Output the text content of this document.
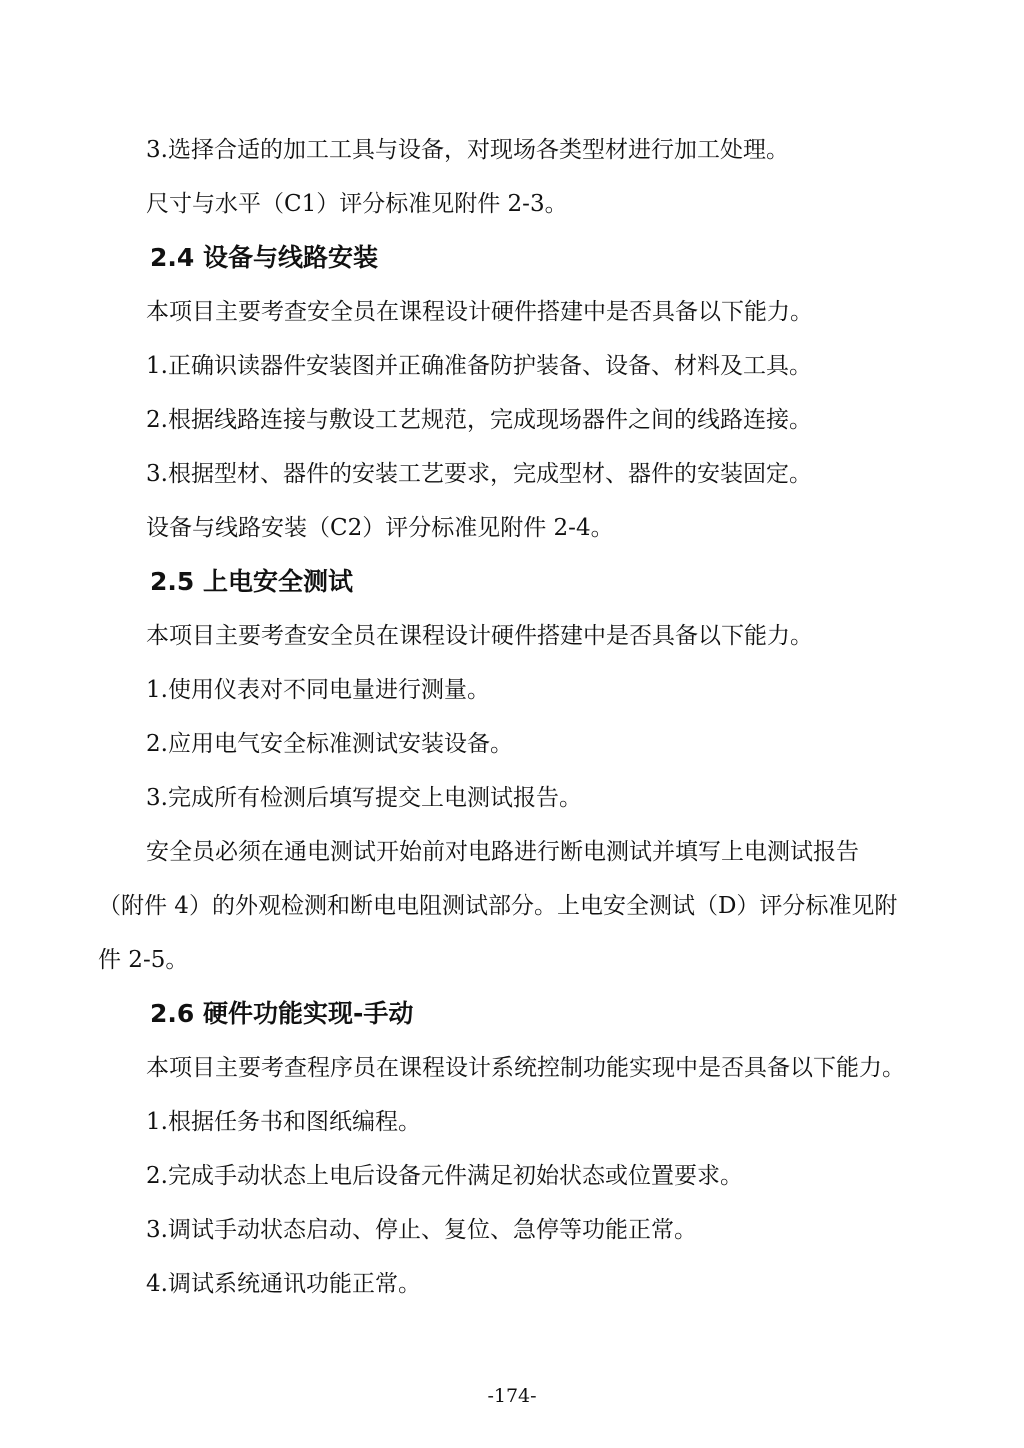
3.选择合适的加工工具与设备，对现场各类型材进行加工处理。
尺寸与水平（C1）评分标准见附件 2-3。
2.4 设备与线路安装
本项目主要考查安全员在课程设计硬件搭建中是否具备以下能力。
1.正确识读器件安装图并正确准备防护装备、设备、材料及工具。
2.根据线路连接与敷设工艺规范，完成现场器件之间的线路连接。
3.根据型材、器件的安装工艺要求，完成型材、器件的安装固定。
设备与线路安装（C2）评分标准见附件 2-4。
2.5 上电安全测试
本项目主要考查安全员在课程设计硬件搭建中是否具备以下能力。
1.使用仪表对不同电量进行测量。
2.应用电气安全标准测试安装设备。
3.完成所有检测后填写提交上电测试报告。
安全员必须在通电测试开始前对电路进行断电测试并填写上电测试报告
（附件 4）的外观检测和断电电阻测试部分。上电安全测试（D）评分标准见附
件 2-5。
2.6 硬件功能实现-手动
本项目主要考查程序员在课程设计系统控制功能实现中是否具备以下能力。
1.根据任务书和图纸编程。
2.完成手动状态上电后设备元件满足初始状态或位置要求。
3.调试手动状态启动、停止、复位、急停等功能正常。
4.调试系统通讯功能正常。
-174-
